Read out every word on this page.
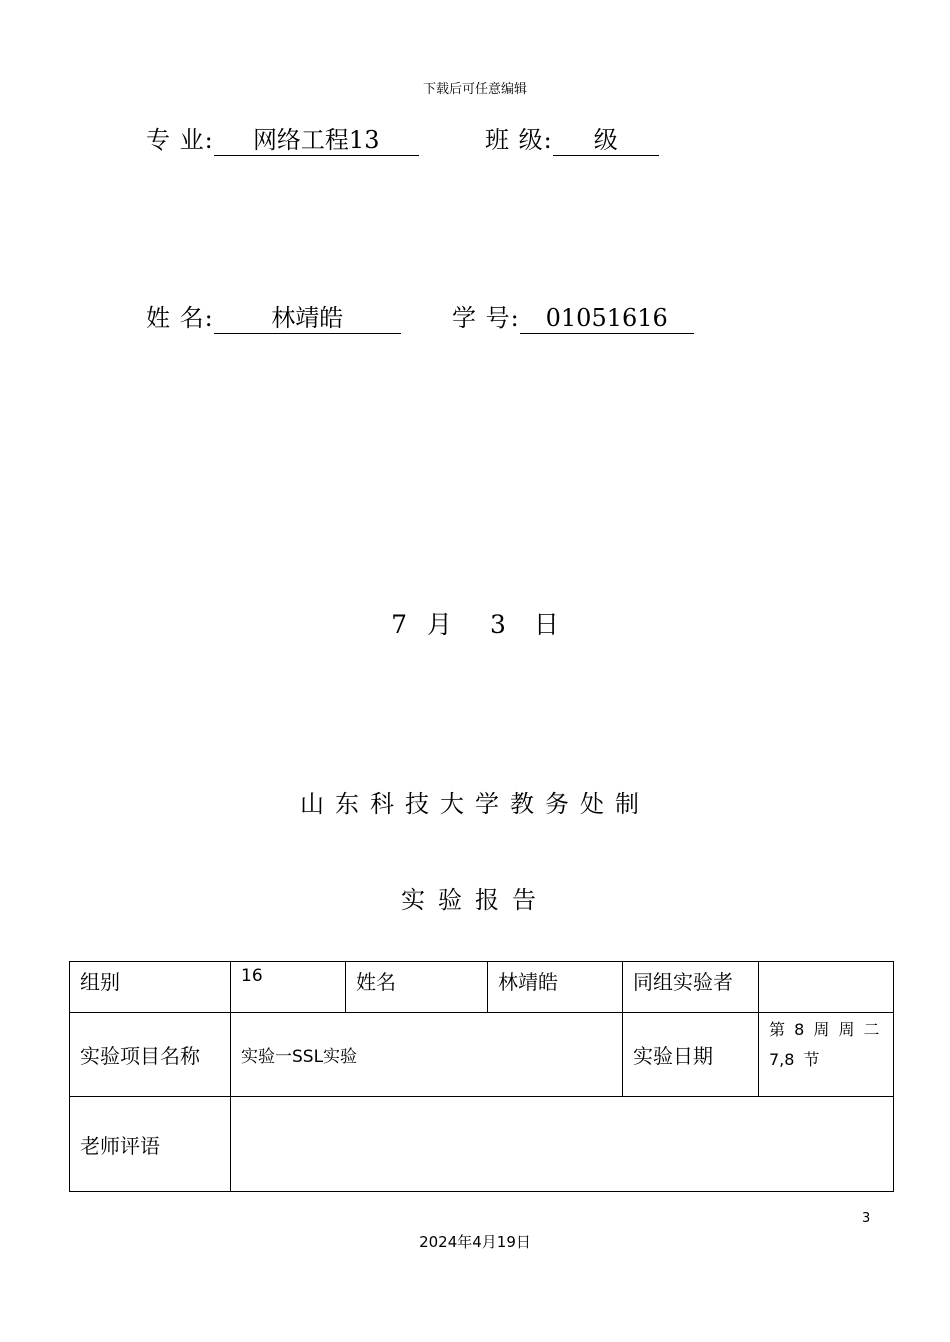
下载后可任意编辑
专 业: 网络工程13	班 级: 级
姓 名: 林靖皓	学 号: 01051616
7 月 3 日
山东科技大学教务处制
实验报告
组别	16	姓名	林靖皓	同组实验者	
实验项目名称	实验一SSL实验			实验日期	第 8 周 周 二
7,8 节

老师评语					
3
2024年4月19日
